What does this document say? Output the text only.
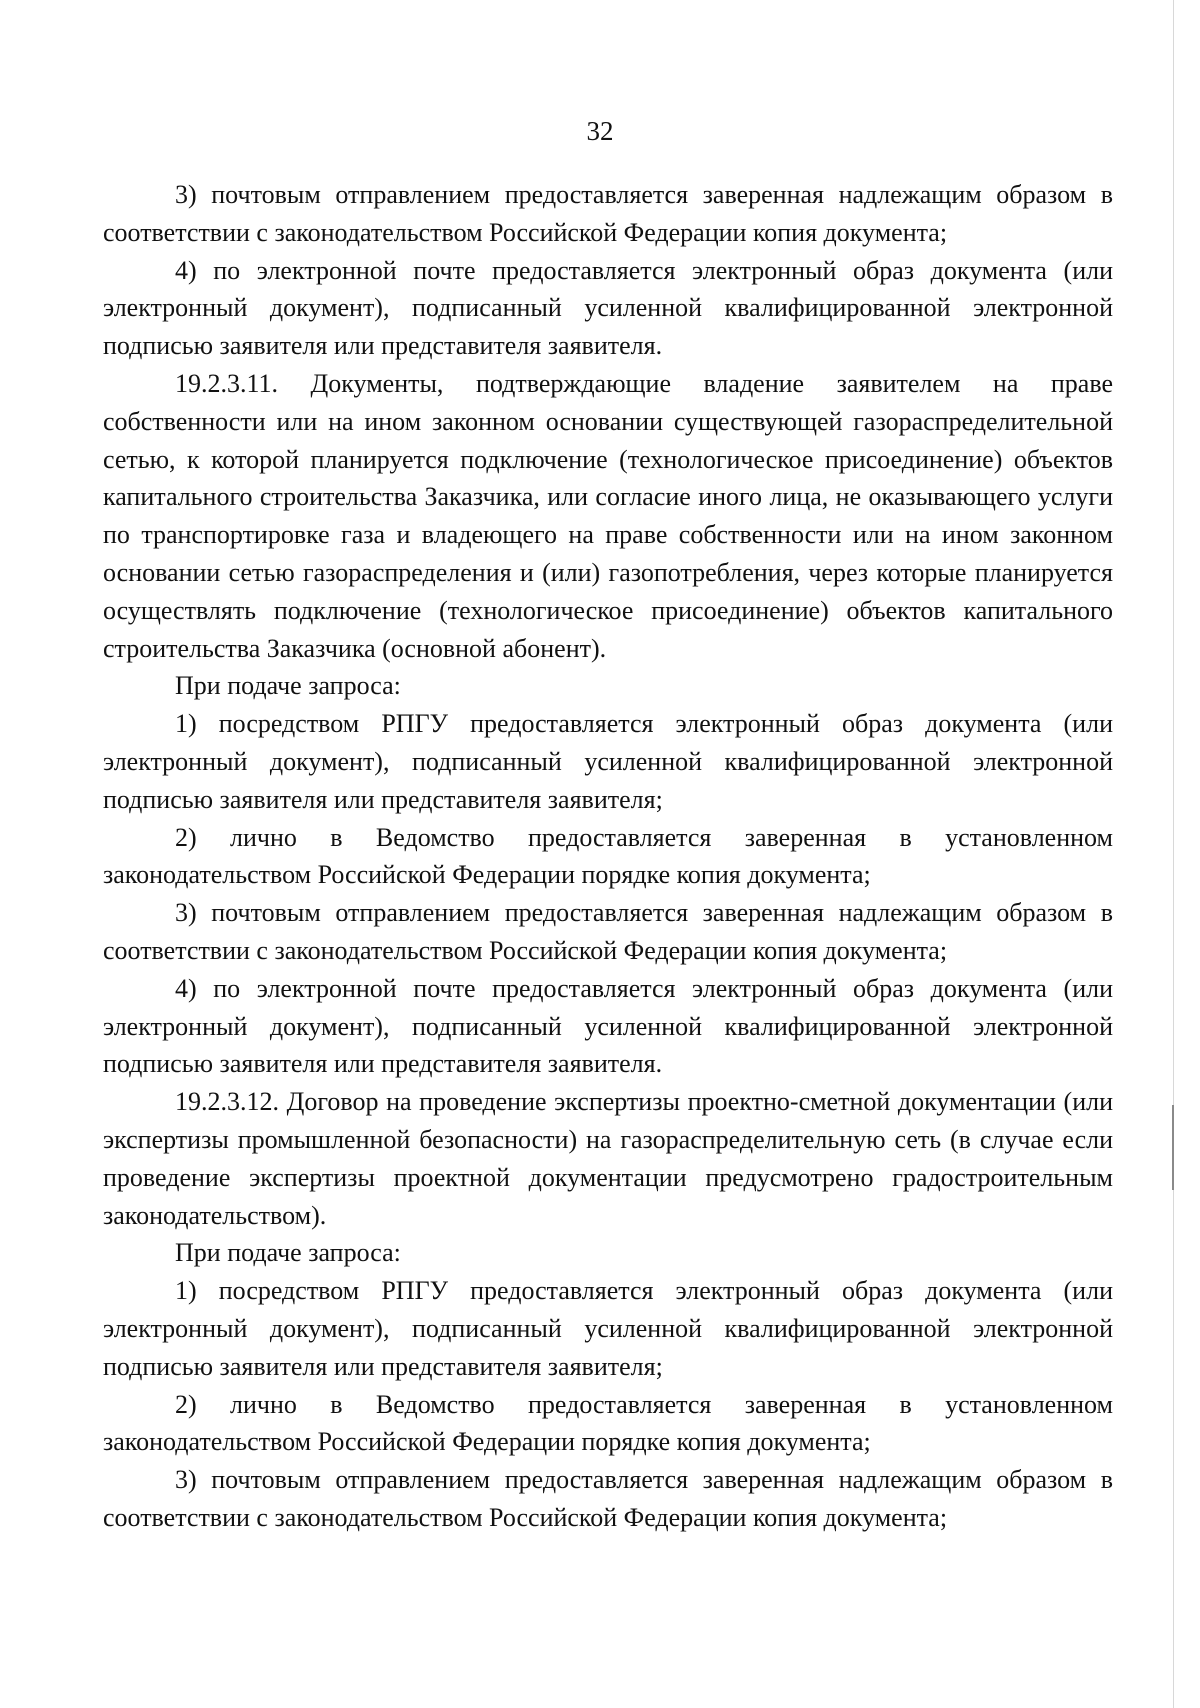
32

3) почтовым отправлением предоставляется заверенная надлежащим образом в соответствии с законодательством Российской Федерации копия документа;

4) по электронной почте предоставляется электронный образ документа (или электронный документ), подписанный усиленной квалифицированной электронной подписью заявителя или представителя заявителя.

19.2.3.11. Документы, подтверждающие владение заявителем на праве собственности или на ином законном основании существующей газораспределительной сетью, к которой планируется подключение (технологическое присоединение) объектов капитального строительства Заказчика, или согласие иного лица, не оказывающего услуги по транспортировке газа и владеющего на праве собственности или на ином законном основании сетью газораспределения и (или) газопотребления, через которые планируется осуществлять подключение (технологическое присоединение) объектов капитального строительства Заказчика (основной абонент).

При подаче запроса:

1) посредством РПГУ предоставляется электронный образ документа (или электронный документ), подписанный усиленной квалифицированной электронной подписью заявителя или представителя заявителя;

2) лично в Ведомство предоставляется заверенная в установленном законодательством Российской Федерации порядке копия документа;

3) почтовым отправлением предоставляется заверенная надлежащим образом в соответствии с законодательством Российской Федерации копия документа;

4) по электронной почте предоставляется электронный образ документа (или электронный документ), подписанный усиленной квалифицированной электронной подписью заявителя или представителя заявителя.

19.2.3.12. Договор на проведение экспертизы проектно-сметной документации (или экспертизы промышленной безопасности) на газораспределительную сеть (в случае если проведение экспертизы проектной документации предусмотрено градостроительным законодательством).

При подаче запроса:

1) посредством РПГУ предоставляется электронный образ документа (или электронный документ), подписанный усиленной квалифицированной электронной подписью заявителя или представителя заявителя;

2) лично в Ведомство предоставляется заверенная в установленном законодательством Российской Федерации порядке копия документа;

3) почтовым отправлением предоставляется заверенная надлежащим образом в соответствии с законодательством Российской Федерации копия документа;
